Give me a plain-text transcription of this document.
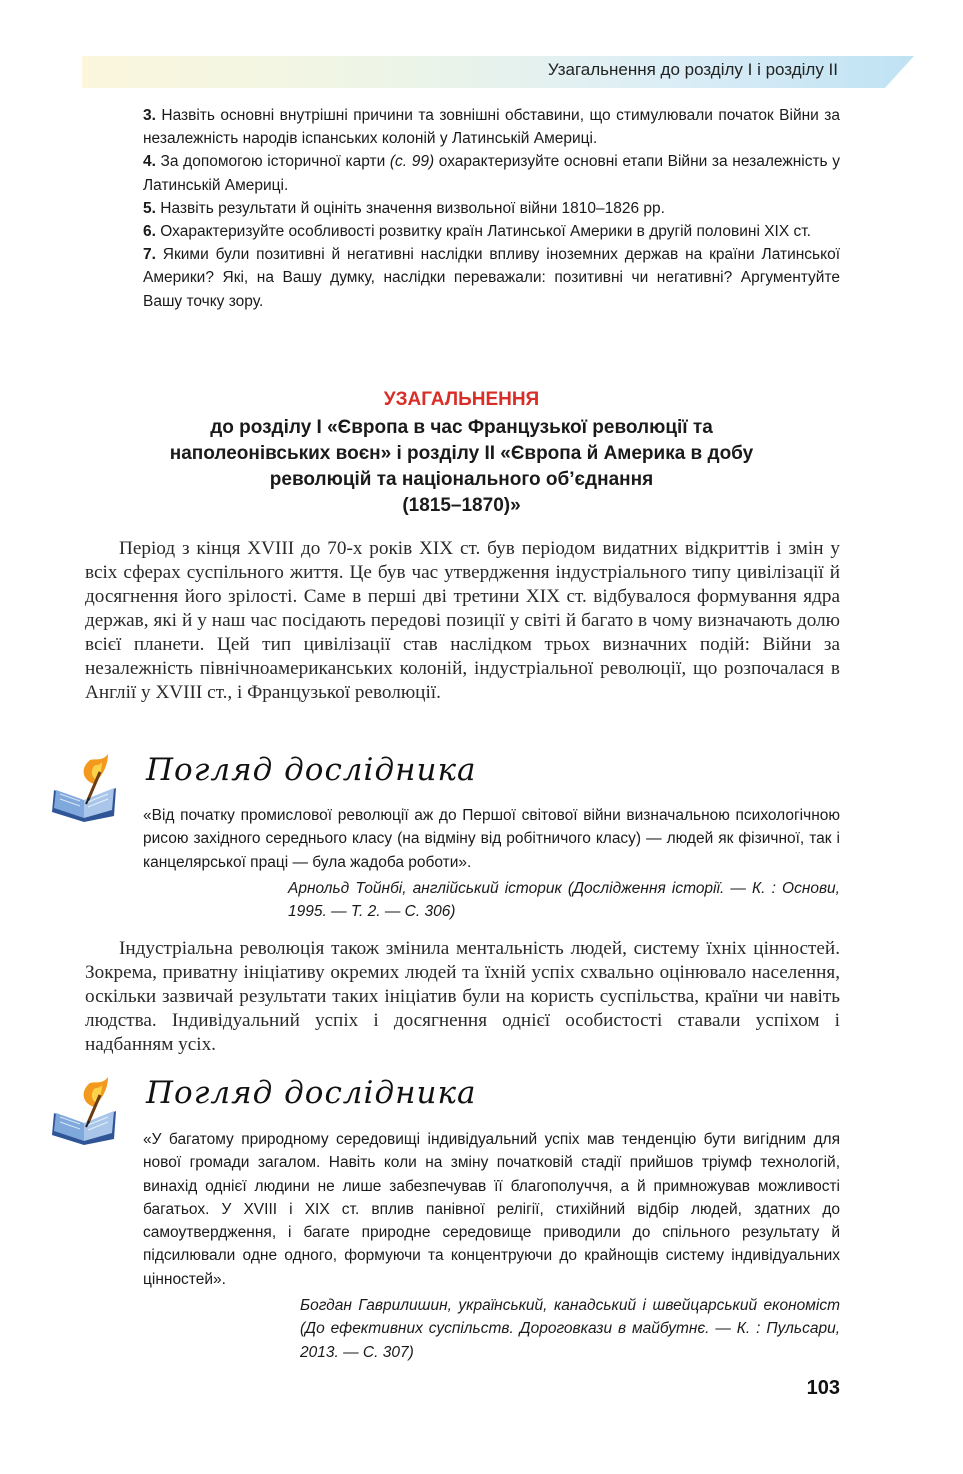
Узагальнення до розділу І і розділу ІІ

3. Назвіть основні внутрішні причини та зовнішні обставини, що стимулювали початок Війни за незалежність народів іспанських колоній у Латинській Америці.

4. За допомогою історичної карти (с. 99) охарактеризуйте основні етапи Війни за незалежність у Латинській Америці.

5. Назвіть результати й оцініть значення визвольної війни 1810–1826 рр.

6. Охарактеризуйте особливості розвитку країн Латинської Америки в другій половині XIX ст.

7. Якими були позитивні й негативні наслідки впливу іноземних держав на країни Латинської Америки? Які, на Вашу думку, наслідки переважали: позитивні чи негативні? Аргументуйте Вашу точку зору.

УЗАГАЛЬНЕННЯ
до розділу І «Європа в час Французької революції та
наполеонівських воєн» і розділу ІІ «Європа й Америка в добу
революцій та національного об’єднання
(1815–1870)»

Період з кінця XVIII до 70-х років XIX ст. був періодом видатних відкриттів і змін у всіх сферах суспільного життя. Це був час утвердження індустріального типу цивілізації й досягнення його зрілості. Саме в перші дві третини XIX ст. відбувалося формування ядра держав, які й у наш час посідають передові позиції у світі й багато в чому визначають долю всієї планети. Цей тип цивілізації став наслідком трьох визначних подій: Війни за незалежність північноамериканських колоній, індустріальної революції, що розпочалася в Англії у XVIII ст., і Французької революції.

Погляд дослідника

«Від початку промислової революції аж до Першої світової війни визначальною психологічною рисою західного середнього класу (на відміну від робітничого класу) — людей як фізичної, так і канцелярської праці — була жадоба роботи».

Арнольд Тойнбі, англійський історик (Дослідження історії. — К. : Основи, 1995. — Т. 2. — С. 306)

Індустріальна революція також змінила ментальність людей, систему їхніх цінностей. Зокрема, приватну ініціативу окремих людей та їхній успіх схвально оцінювало населення, оскільки зазвичай результати таких ініціатив були на користь суспільства, країни чи навіть людства. Індивідуальний успіх і досягнення однієї особистості ставали успіхом і надбанням усіх.

Погляд дослідника

«У багатому природному середовищі індивідуальний успіх мав тенденцію бути вигідним для нової громади загалом. Навіть коли на зміну початковій стадії прийшов тріумф технологій, винахід однієї людини не лише забезпечував її благополуччя, а й примножував можливості багатьох. У XVIII і XIX ст. вплив панівної релігії, стихійний відбір людей, здатних до самоутвердження, і багате природне середовище приводили до спільного результату й підсилювали одне одного, формуючи та концентруючи до крайнощів систему індивідуальних цінностей».

Богдан Гаврилишин, український, канадський і швейцарський економіст (До ефективних суспільств. Дороговкази в майбутнє. — К. : Пульсари, 2013. — С. 307)

103
